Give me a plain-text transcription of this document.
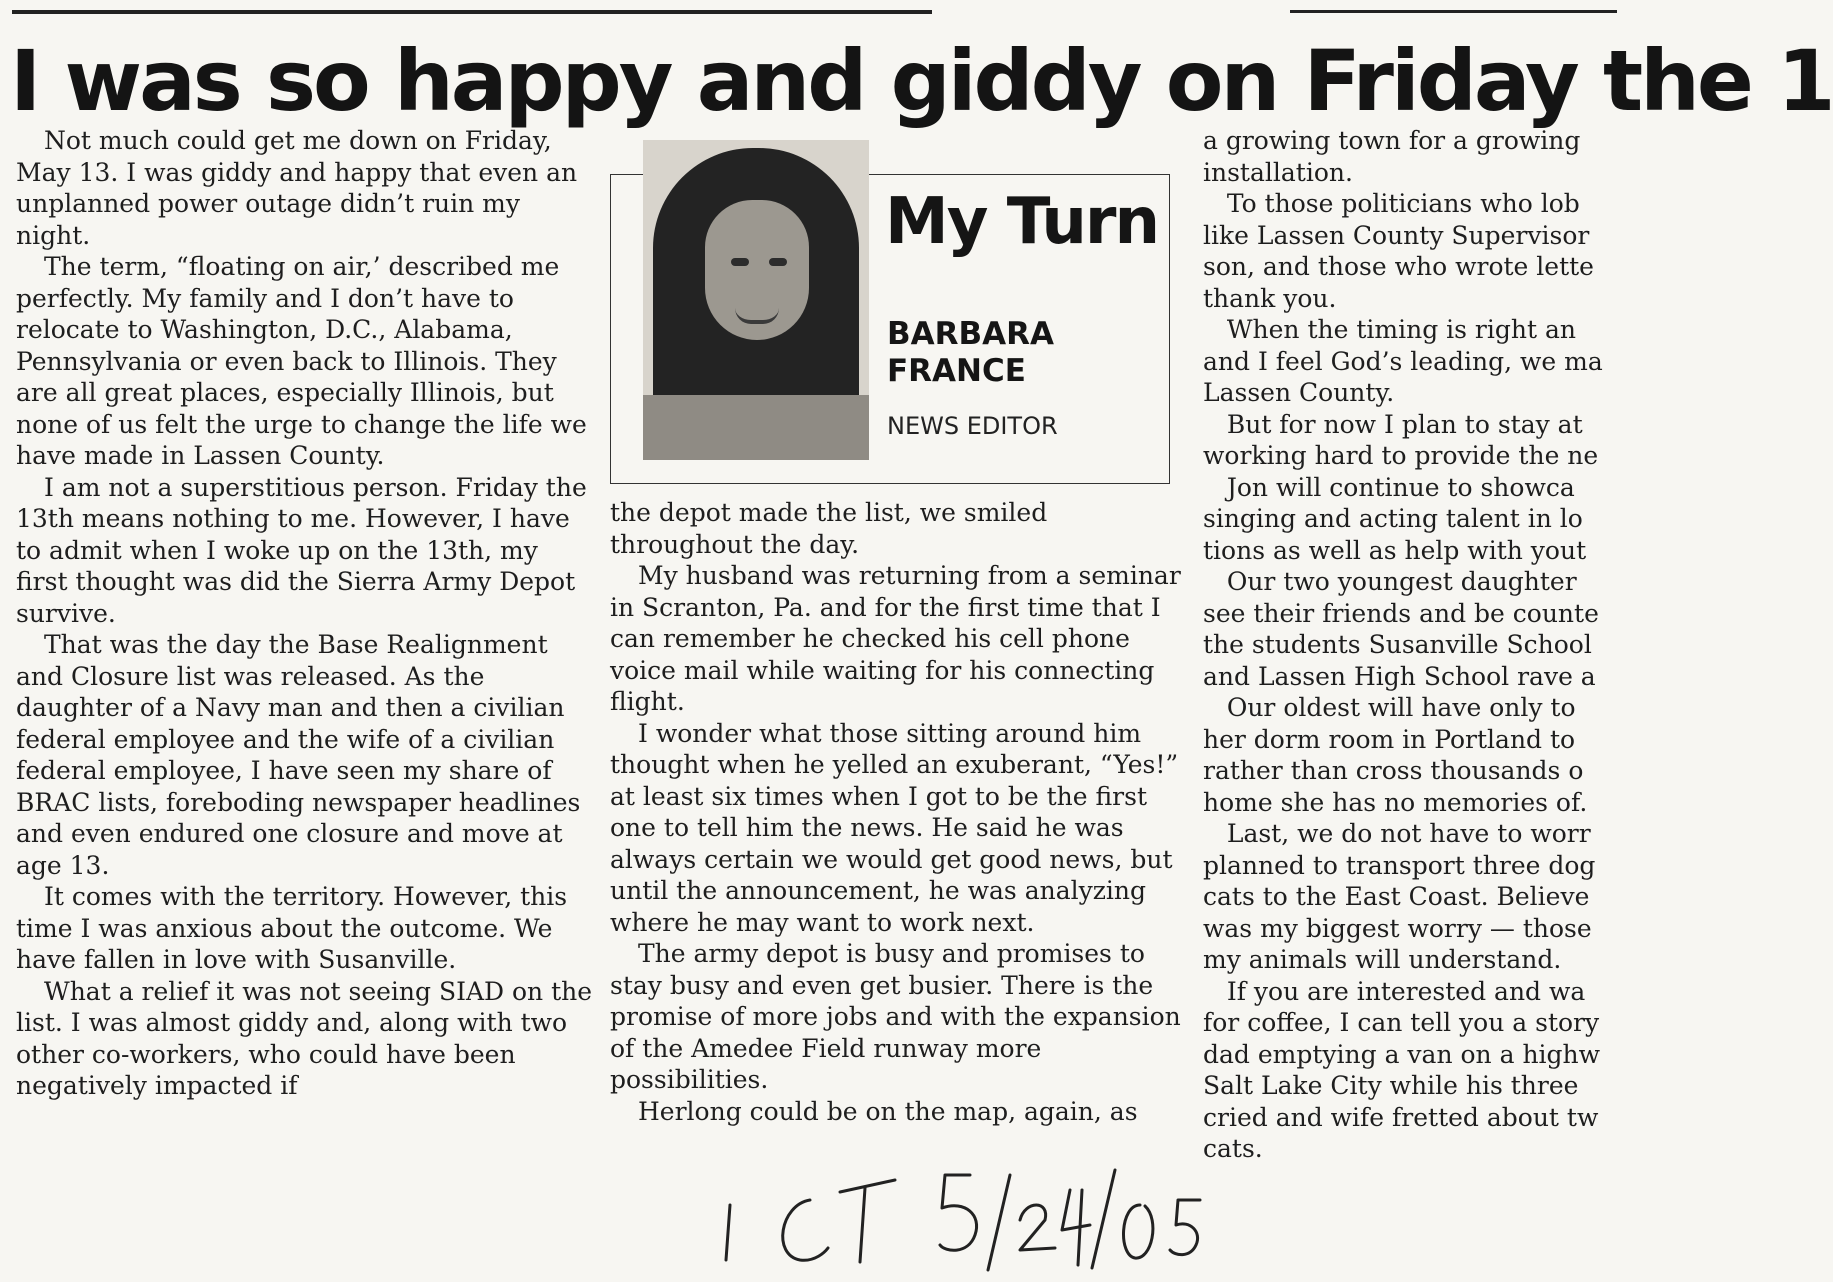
I was so happy and giddy on Friday the 1

Not much could get me down on Friday, May 13. I was giddy and happy that even an unplanned power outage didn’t ruin my night.

The term, “floating on air,’ described me perfectly. My family and I don’t have to relocate to Washington, D.C., Alabama, Pennsylvania or even back to Illinois. They are all great places, especially Illinois, but none of us felt the urge to change the life we have made in Lassen County.

I am not a superstitious person. Friday the 13th means nothing to me. However, I have to admit when I woke up on the 13th, my first thought was did the Sierra Army Depot survive.

That was the day the Base Realignment and Closure list was released. As the daughter of a Navy man and then a civilian federal employee and the wife of a civilian federal employee, I have seen my share of BRAC lists, foreboding newspaper headlines and even endured one closure and move at age 13.

It comes with the territory. However, this time I was anxious about the outcome. We have fallen in love with Susanville.

What a relief it was not seeing SIAD on the list. I was almost giddy and, along with two other co-workers, who could have been negatively impacted if

My Turn
BARBARA
FRANCE
NEWS EDITOR

the depot made the list, we smiled throughout the day.

My husband was returning from a seminar in Scranton, Pa. and for the first time that I can remember he checked his cell phone voice mail while waiting for his connecting flight.

I wonder what those sitting around him thought when he yelled an exuberant, “Yes!” at least six times when I got to be the first one to tell him the news. He said he was always certain we would get good news, but until the announcement, he was analyzing where he may want to work next.

The army depot is busy and promises to stay busy and even get busier. There is the promise of more jobs and with the expansion of the Amedee Field runway more possibilities.

Herlong could be on the map, again, as

a growing town for a growing
installation.
To those politicians who lob
like Lassen County Supervisor
son, and those who wrote lette
thank you.
When the timing is right an
and I feel God’s leading, we ma
Lassen County.
But for now I plan to stay at
working hard to provide the ne
Jon will continue to showca
singing and acting talent in lo
tions as well as help with yout
Our two youngest daughter
see their friends and be counte
the students Susanville School
and Lassen High School rave a
Our oldest will have only to
her dorm room in Portland to
rather than cross thousands o
home she has no memories of.
Last, we do not have to worr
planned to transport three dog
cats to the East Coast. Believe
was my biggest worry — those
my animals will understand.
If you are interested and wa
for coffee, I can tell you a story
dad emptying a van on a highw
Salt Lake City while his three
cried and wife fretted about tw
cats.
